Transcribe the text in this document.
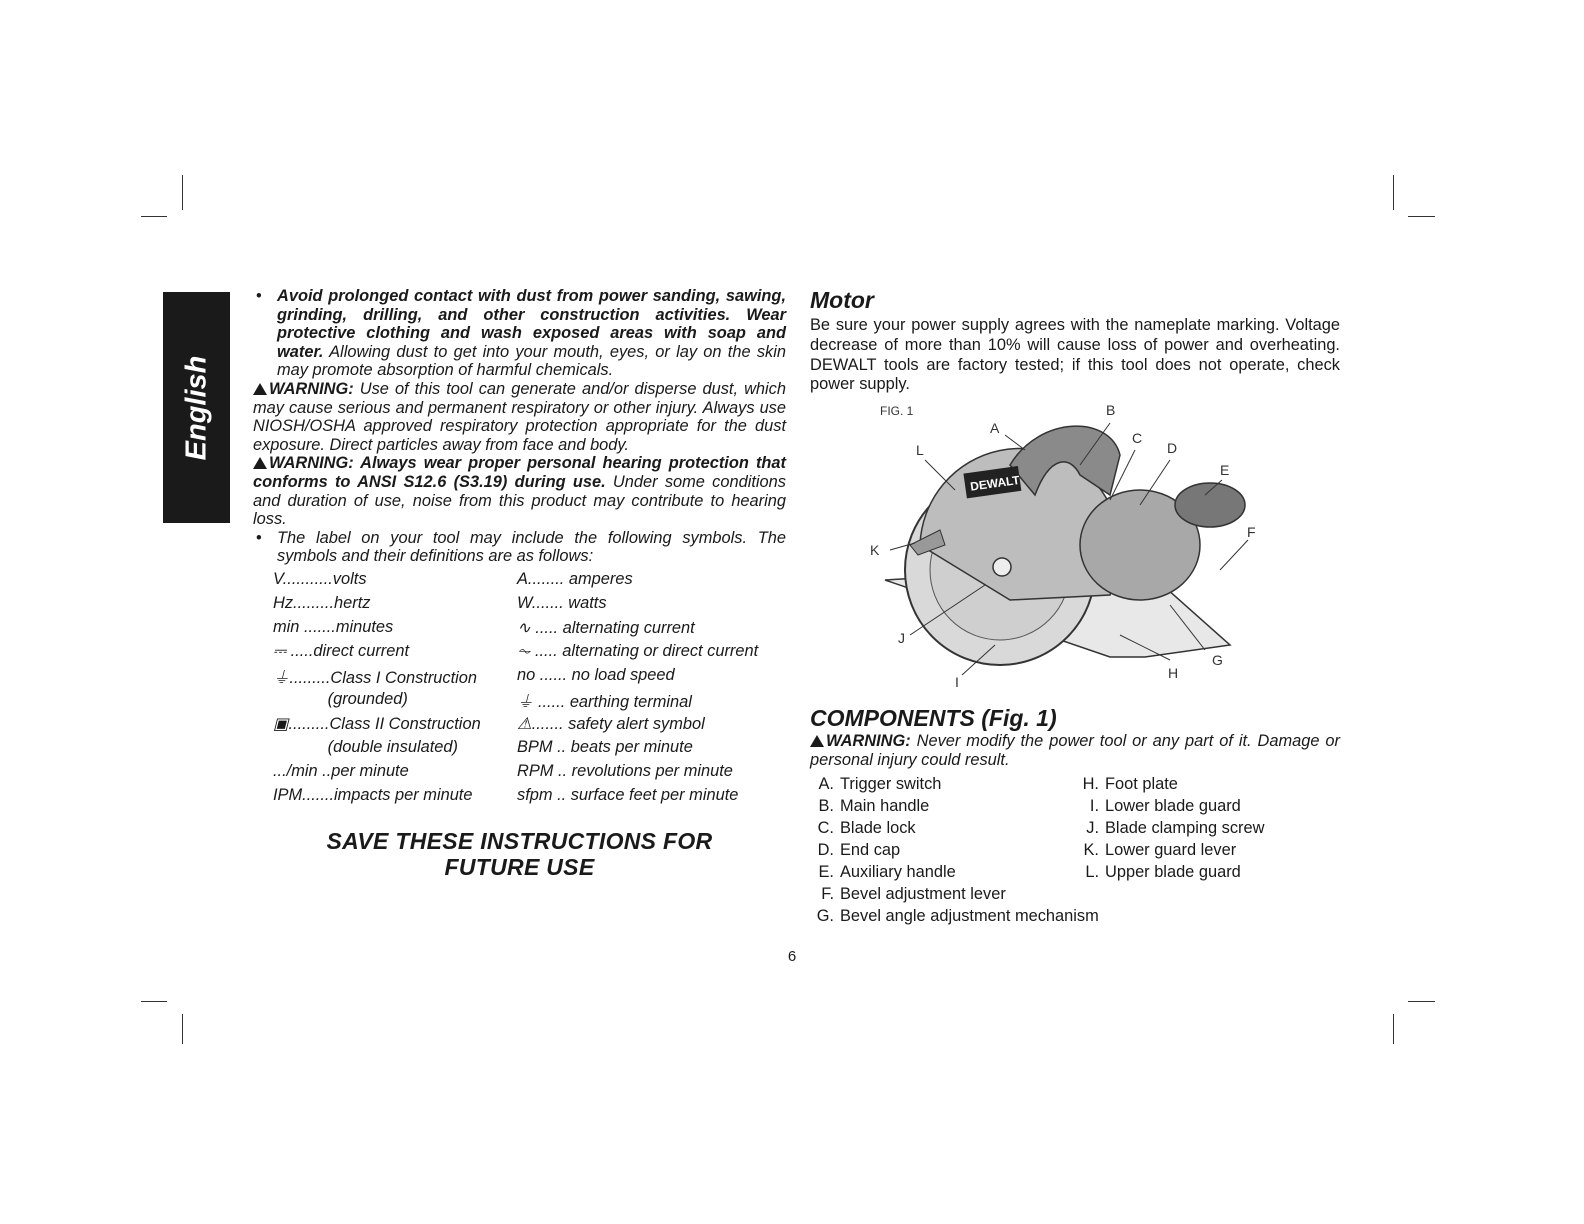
English
• Avoid prolonged contact with dust from power sanding, sawing, grinding, drilling, and other construction activities. Wear protective clothing and wash exposed areas with soap and water. Allowing dust to get into your mouth, eyes, or lay on the skin may promote absorption of harmful chemicals.

WARNING: Use of this tool can generate and/or disperse dust, which may cause serious and permanent respiratory or other injury. Always use NIOSH/OSHA approved respiratory protection appropriate for the dust exposure. Direct particles away from face and body.

WARNING: Always wear proper personal hearing protection that conforms to ANSI S12.6 (S3.19) during use. Under some conditions and duration of use, noise from this product may contribute to hearing loss.

• The label on your tool may include the following symbols. The symbols and their definitions are as follows:
V...........volts	A........ amperes
Hz.........hertz	W....... watts
min .......minutes	∿ ..... alternating current
⎓ .....direct current	⏦ ..... alternating or direct current
⏚.........Class I Construction	no ...... no load speed
(grounded)	⏚ ...... earthing terminal
▣.........Class II Construction	⚠....... safety alert symbol
(double insulated)	BPM .. beats per minute
.../min ..per minute	RPM .. revolutions per minute
IPM.......impacts per minute	sfpm .. surface feet per minute
SAVE THESE INSTRUCTIONS FOR
FUTURE USE
Motor

Be sure your power supply agrees with the nameplate marking. Voltage decrease of more than 10% will cause loss of power and overheating. DEWALT tools are factory tested; if this tool does not operate, check power supply.

FIG. 1
DEWALT
A
B
C
D
E
F
G
H
I
J
K
L
COMPONENTS (Fig. 1)

WARNING: Never modify the power tool or any part of it. Damage or personal injury could result.

A. Trigger switch
B. Main handle
C. Blade lock
D. End cap
E. Auxiliary handle
F. Bevel adjustment lever
G. Bevel angle adjustment mechanism
H. Foot plate
I. Lower blade guard
J. Blade clamping screw
K. Lower guard lever
L. Upper blade guard
6
